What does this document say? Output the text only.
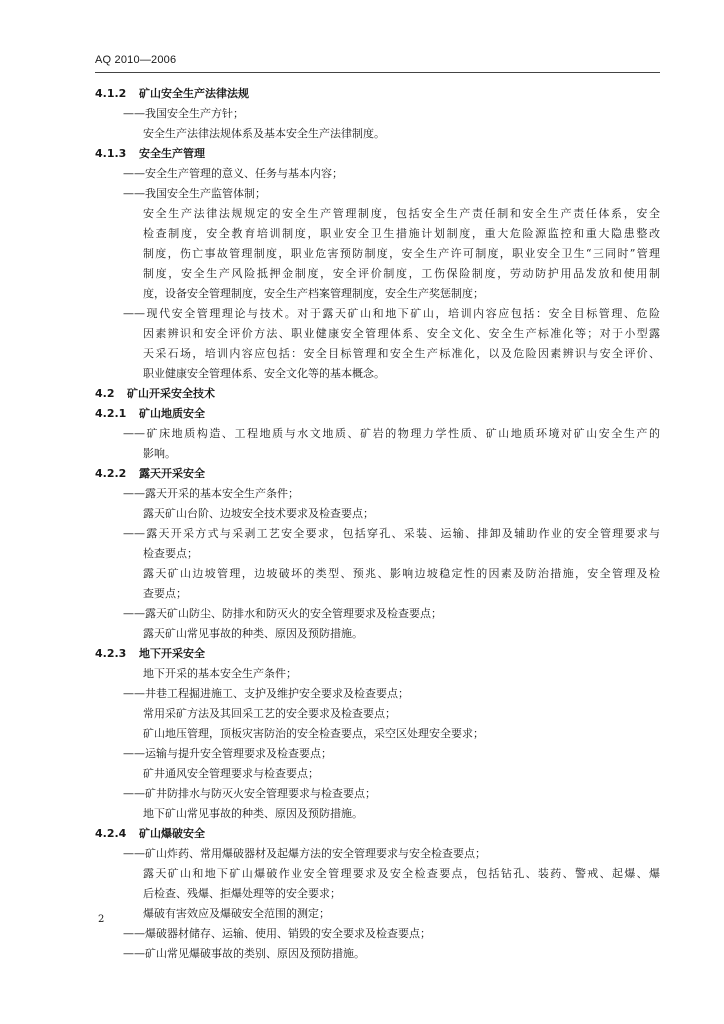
AQ 2010—2006
4.1.2 矿山安全生产法律法规
——我国安全生产方针；
安全生产法律法规体系及基本安全生产法律制度。
4.1.3 安全生产管理
——安全生产管理的意义、任务与基本内容；
——我国安全生产监管体制；
安全生产法律法规规定的安全生产管理制度，包括安全生产责任制和安全生产责任体系，安全
检查制度，安全教育培训制度，职业安全卫生措施计划制度，重大危险源监控和重大隐患整改
制度，伤亡事故管理制度，职业危害预防制度，安全生产许可制度，职业安全卫生“三同时”管理
制度，安全生产风险抵押金制度，安全评价制度，工伤保险制度，劳动防护用品发放和使用制
度，设备安全管理制度，安全生产档案管理制度，安全生产奖惩制度；
——现代安全管理理论与技术。对于露天矿山和地下矿山，培训内容应包括：安全目标管理、危险
因素辨识和安全评价方法、职业健康安全管理体系、安全文化、安全生产标准化等；对于小型露
天采石场，培训内容应包括：安全目标管理和安全生产标准化，以及危险因素辨识与安全评价、
职业健康安全管理体系、安全文化等的基本概念。
4.2 矿山开采安全技术
4.2.1 矿山地质安全
——矿床地质构造、工程地质与水文地质、矿岩的物理力学性质、矿山地质环境对矿山安全生产的
影响。
4.2.2 露天开采安全
——露天开采的基本安全生产条件；
露天矿山台阶、边坡安全技术要求及检查要点；
——露天开采方式与采剥工艺安全要求，包括穿孔、采装、运输、排卸及辅助作业的安全管理要求与
检查要点；
露天矿山边坡管理，边坡破坏的类型、预兆、影响边坡稳定性的因素及防治措施，安全管理及检
查要点；
——露天矿山防尘、防排水和防灭火的安全管理要求及检查要点；
露天矿山常见事故的种类、原因及预防措施。
4.2.3 地下开采安全
地下开采的基本安全生产条件；
——井巷工程掘进施工、支护及维护安全要求及检查要点；
常用采矿方法及其回采工艺的安全要求及检查要点；
矿山地压管理，顶板灾害防治的安全检查要点，采空区处理安全要求；
——运输与提升安全管理要求及检查要点；
矿井通风安全管理要求与检查要点；
——矿井防排水与防灭火安全管理要求与检查要点；
地下矿山常见事故的种类、原因及预防措施。
4.2.4 矿山爆破安全
——矿山炸药、常用爆破器材及起爆方法的安全管理要求与安全检查要点；
露天矿山和地下矿山爆破作业安全管理要求及安全检查要点，包括钻孔、装药、警戒、起爆、爆
后检查、残爆、拒爆处理等的安全要求；
爆破有害效应及爆破安全范围的测定；
——爆破器材储存、运输、使用、销毁的安全要求及检查要点；
——矿山常见爆破事故的类别、原因及预防措施。
2
